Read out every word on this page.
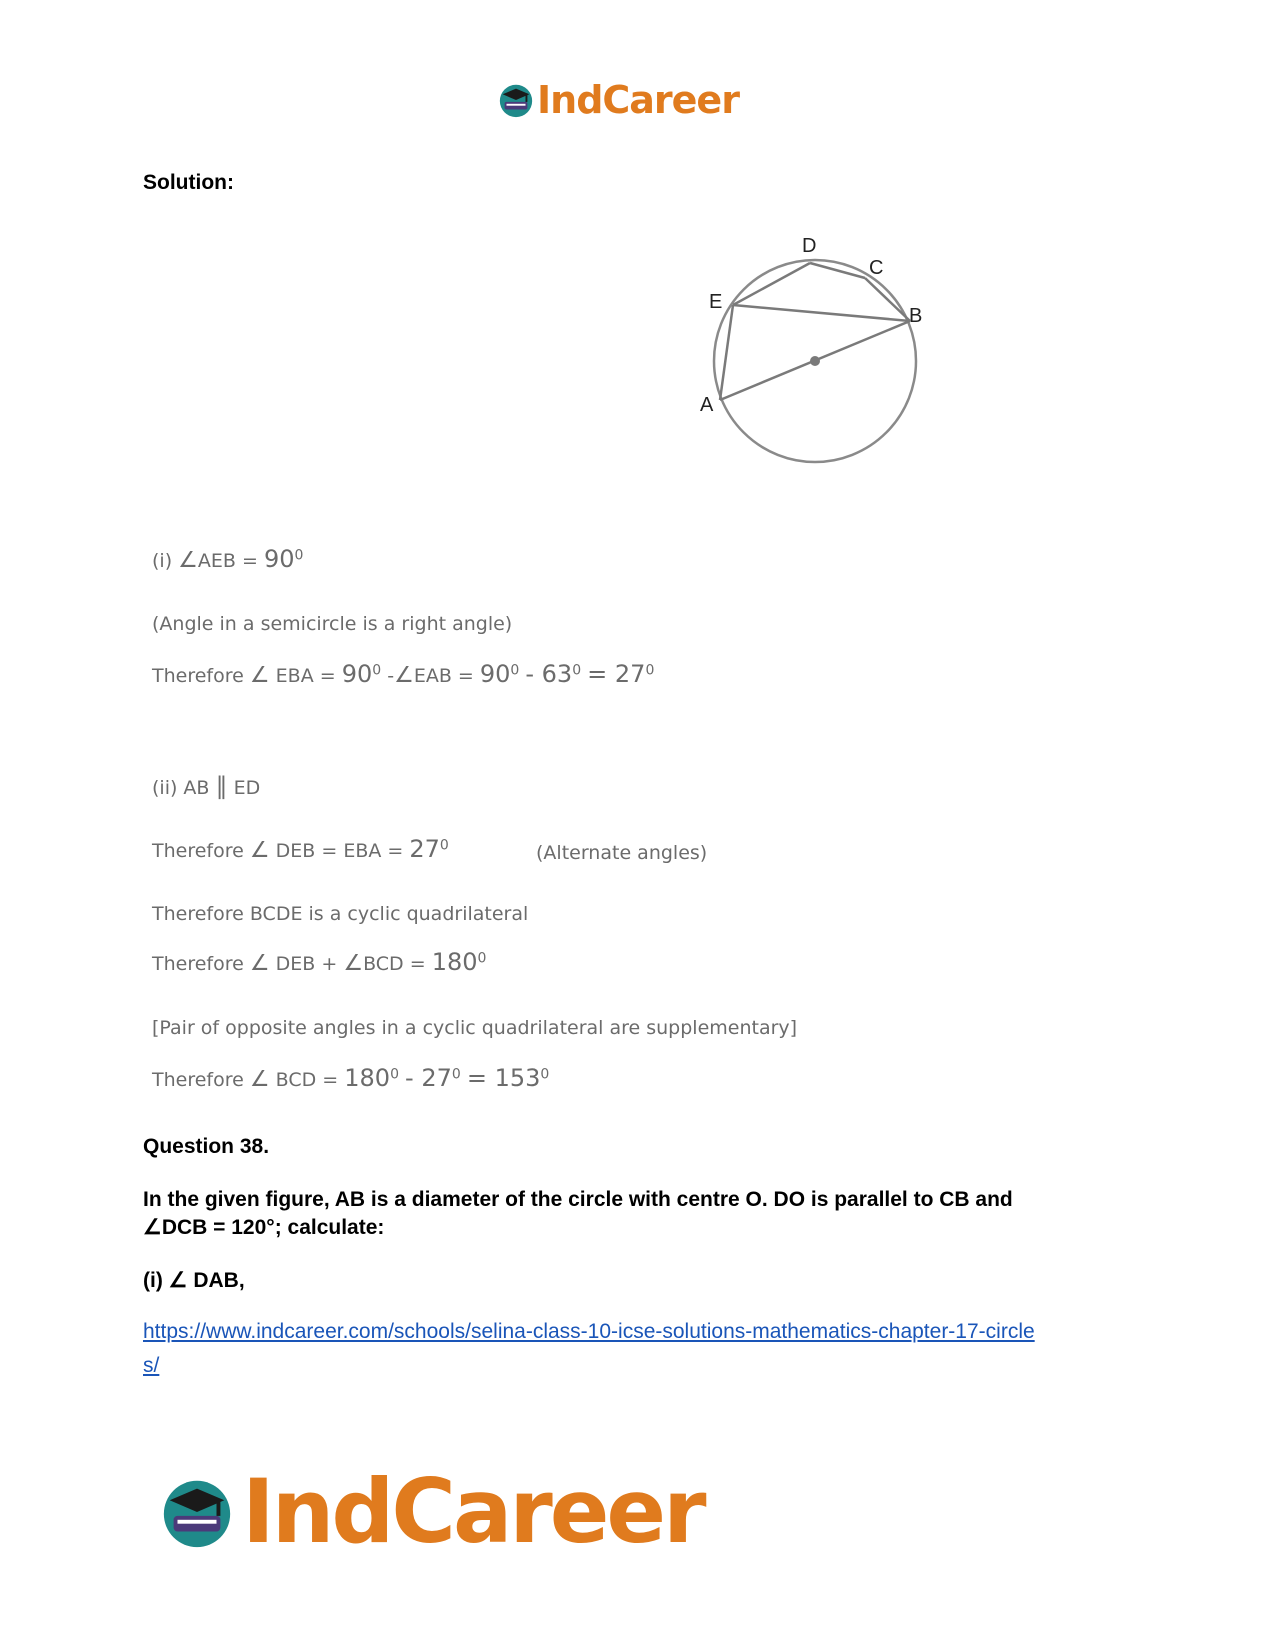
IndCareer
Solution:
D
C
E
B
A
(i) ∠AEB = $90^0$
(Angle in a semicircle is a right angle)
Therefore ∠ EBA = $90^0$ -∠EAB = $90^0 - 63^0 = 27^0$
(ii) AB ∥ ED
Therefore ∠ DEB = EBA = $27^0$	(Alternate angles)
Therefore BCDE is a cyclic quadrilateral
Therefore ∠ DEB + ∠BCD = $180^0$
[Pair of opposite angles in a cyclic quadrilateral are supplementary]
Therefore ∠ BCD = $180^0 - 27^0 = 153^0$
Question 38.
In the given figure, AB is a diameter of the circle with centre O. DO is parallel to CB and
∠DCB = 120°; calculate:
(i) ∠ DAB,
https://www.indcareer.com/schools/selina-class-10-icse-solutions-mathematics-chapter-17-circle
s/
IndCareer
